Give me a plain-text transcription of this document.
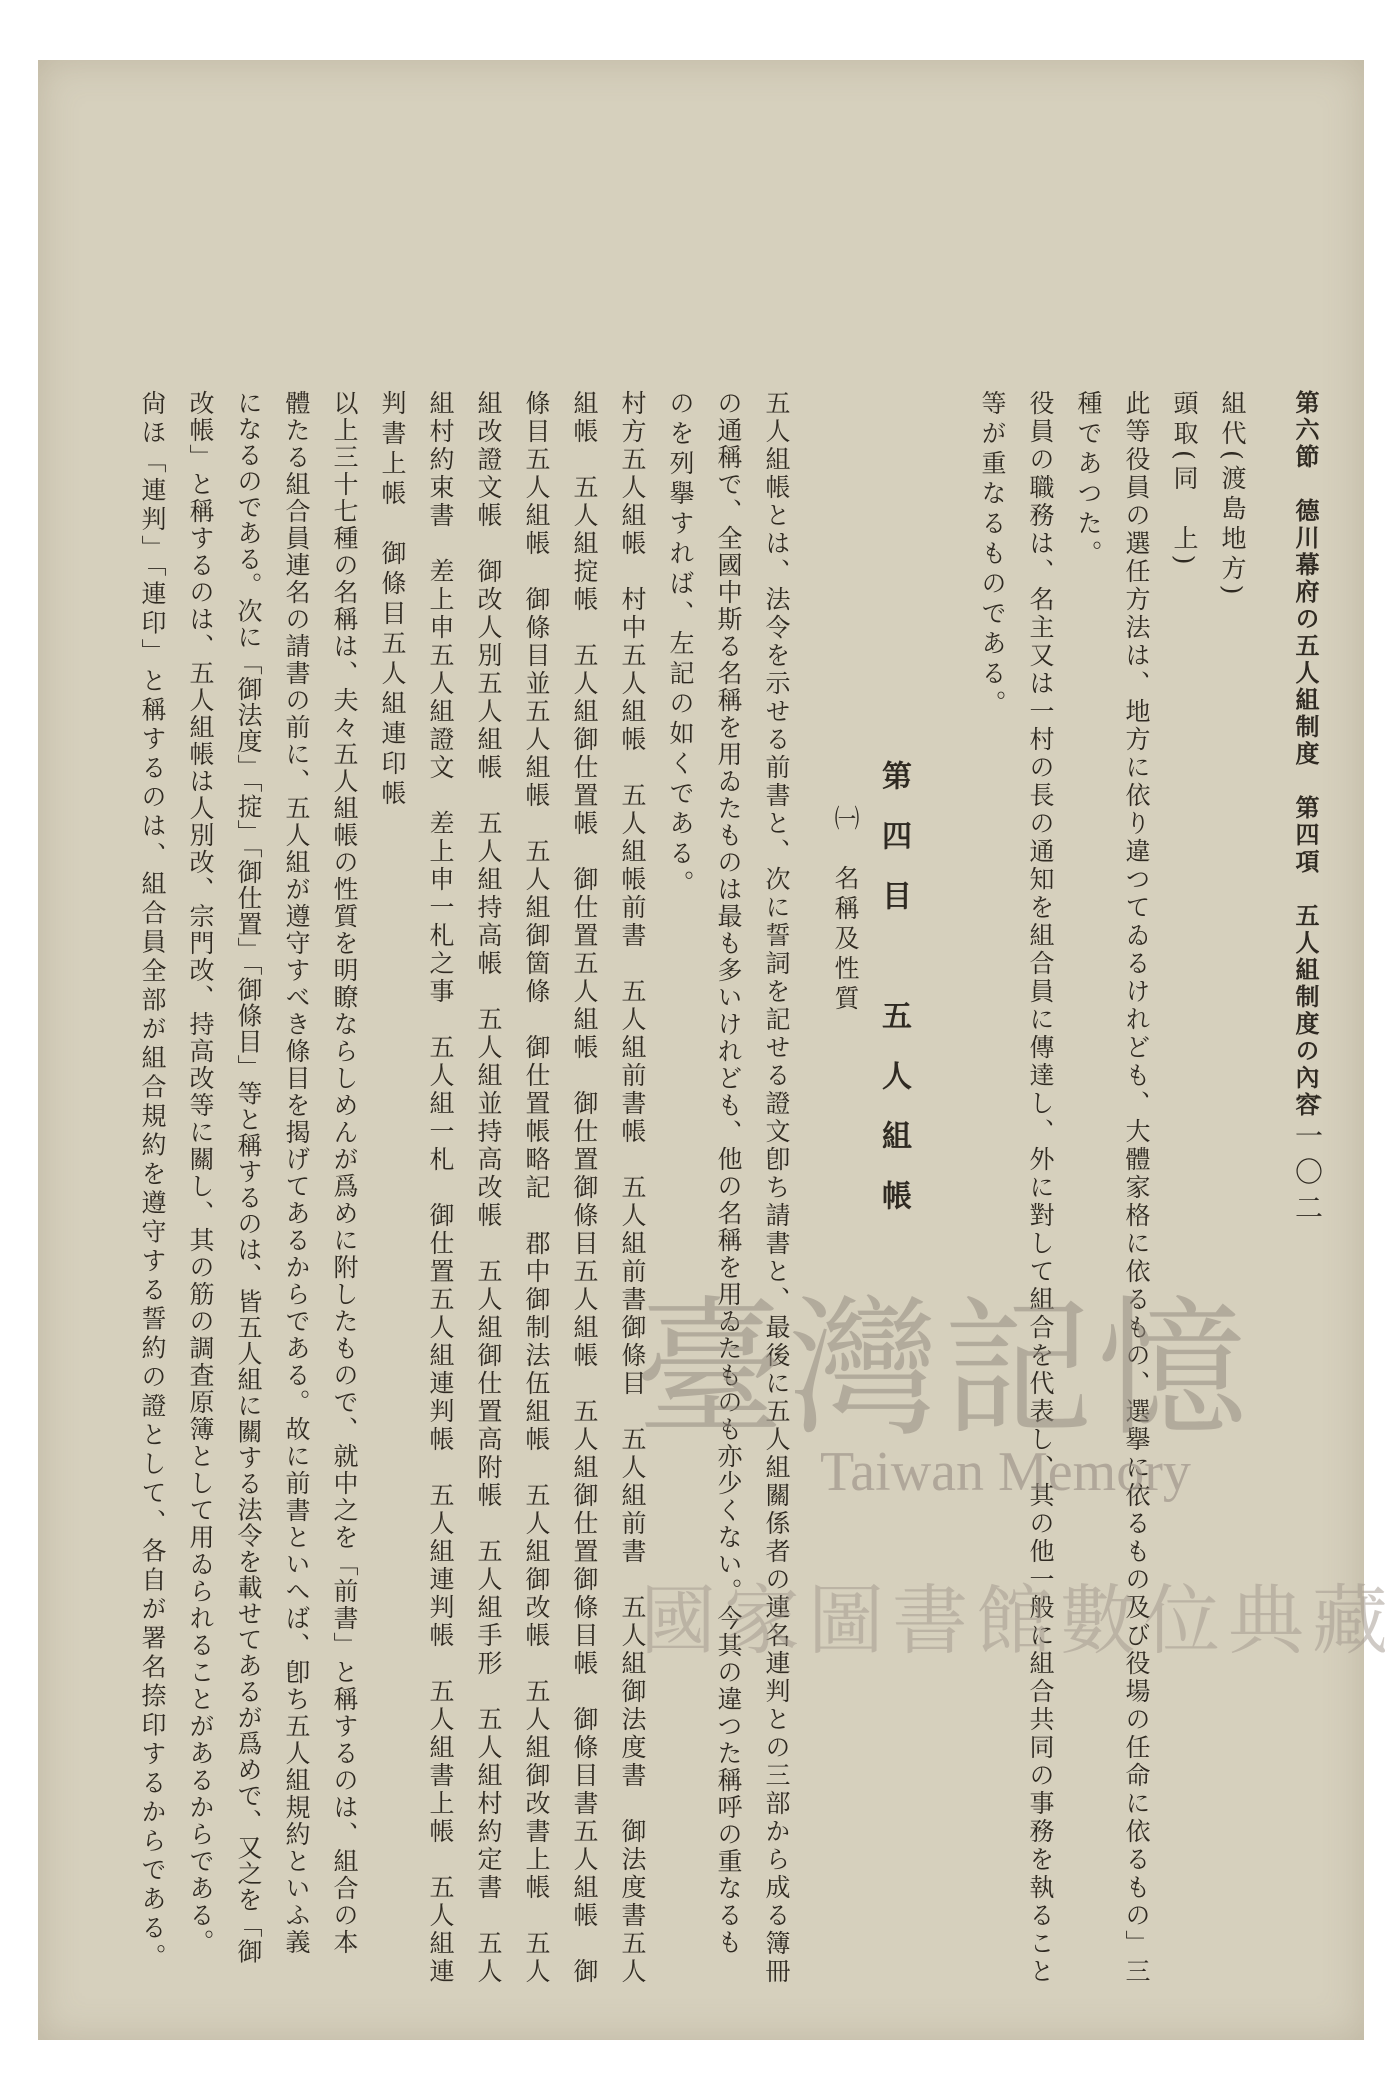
第六節　德川幕府の五人組制度　第四項　五人組制度の內容
一一〇二
組代(渡島地方)
頭取(同　上)
此等役員の選任方法は、地方に依り違つてゐるけれども、大體家格に依るもの、選擧に依るもの及び役場の任命に依るもの」三
種であつた。
役員の職務は、名主又は一村の長の通知を組合員に傳達し、外に對して組合を代表し、其の他一般に組合共同の事務を執ること
等が重なるものである。
第四目　五人組帳
㈠　名稱及性質
五人組帳とは、法令を示せる前書と、次に誓詞を記せる證文卽ち請書と、最後に五人組關係者の連名連判との三部から成る簿冊
の通稱で、全國中斯る名稱を用ゐたものは最も多いけれども、他の名稱を用ゐたものも亦少くない。今其の違つた稱呼の重なるも
のを列擧すれば、左記の如くである。
村方五人組帳　村中五人組帳　五人組帳前書　五人組前書帳　五人組前書御條目　五人組前書　五人組御法度書　御法度書五人
組帳　五人組掟帳　五人組御仕置帳　御仕置五人組帳　御仕置御條目五人組帳　五人組御仕置御條目帳　御條目書五人組帳　御
條目五人組帳　御條目並五人組帳　五人組御箇條　御仕置帳略記　郡中御制法伍組帳　五人組御改帳　五人組御改書上帳　五人
組改證文帳　御改人別五人組帳　五人組持高帳　五人組並持高改帳　五人組御仕置高附帳　五人組手形　五人組村約定書　五人
組村約束書　差上申五人組證文　差上申一札之事　五人組一札　御仕置五人組連判帳　五人組連判帳　五人組書上帳　五人組連
判書上帳　御條目五人組連印帳
以上三十七種の名稱は、夫々五人組帳の性質を明瞭ならしめんが爲めに附したもので、就中之を「前書」と稱するのは、組合の本
體たる組合員連名の請書の前に、五人組が遵守すべき條目を揭げてあるからである。故に前書といへば、卽ち五人組規約といふ義
になるのである。次に「御法度」「掟」「御仕置」「御條目」等と稱するのは、皆五人組に關する法令を載せてあるが爲めで、又之を「御
改帳」と稱するのは、五人組帳は人別改、宗門改、持高改等に關し、其の筋の調査原簿として用ゐられることがあるからである。
尙ほ「連判」「連印」と稱するのは、組合員全部が組合規約を遵守する誓約の證として、各自が署名捺印するからである。	臺灣記憶
Taiwan Memory
國家圖書館數位典藏
